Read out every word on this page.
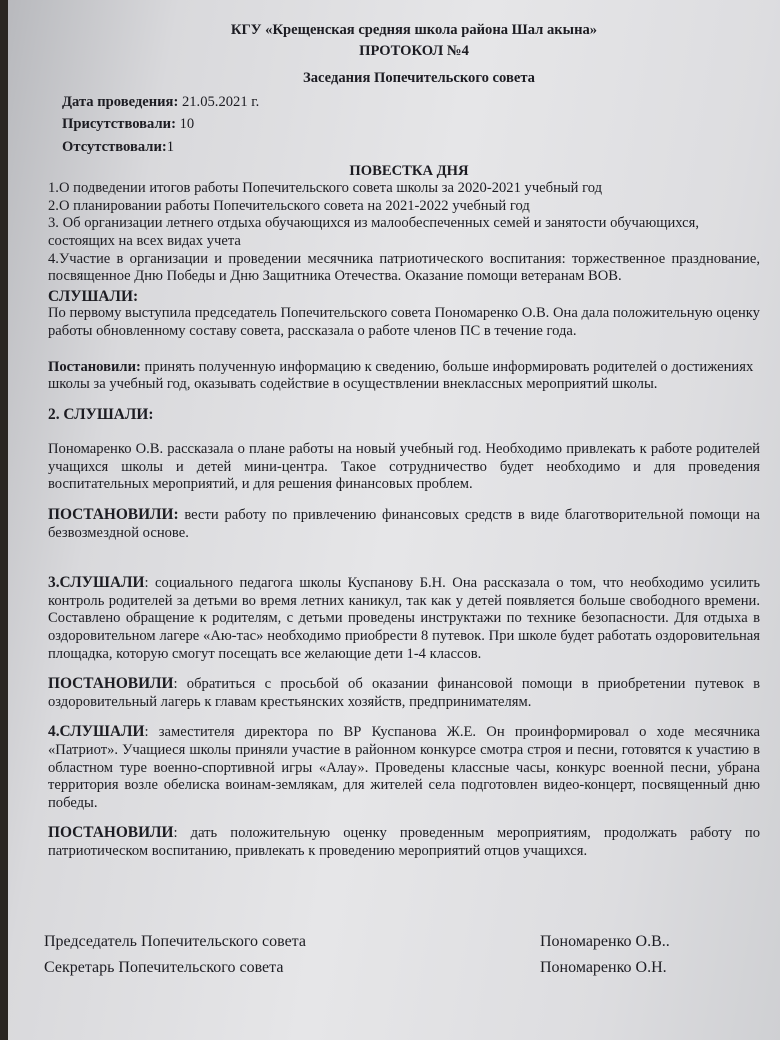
КГУ «Крещенская средняя школа района Шал акына»
ПРОТОКОЛ №4
Заседания Попечительского совета
Дата проведения: 21.05.2021 г.
Присутствовали: 10
Отсутствовали:1
ПОВЕСТКА ДНЯ

1.О подведении итогов работы Попечительского совета школы за 2020-2021 учебный год

2.О планировании работы Попечительского совета на 2021-2022 учебный год

3. Об организации летнего отдыха обучающихся из малообеспеченных семей и занятости обучающихся, состоящих на всех видах учета

4.Участие в организации и проведении месячника патриотического воспитания: торжественное празднование, посвященное Дню Победы и Дню Защитника Отечества. Оказание помощи ветеранам ВОВ.

СЛУШАЛИ:

По первому выступила председатель Попечительского совета Пономаренко О.В. Она дала положительную оценку работы обновленному составу совета, рассказала о работе членов ПС в течение года.

Постановили: принять полученную информацию к сведению, больше информировать родителей о достижениях школы за учебный год, оказывать содействие в осуществлении внеклассных мероприятий школы.

2. СЛУШАЛИ:

Пономаренко О.В. рассказала о плане работы на новый учебный год. Необходимо привлекать к работе родителей учащихся школы и детей мини-центра. Такое сотрудничество будет необходимо и для проведения воспитательных мероприятий, и для решения финансовых проблем.

ПОСТАНОВИЛИ: вести работу по привлечению финансовых средств в виде благотворительной помощи на безвозмездной основе.

3.СЛУШАЛИ: социального педагога школы Куспанову Б.Н. Она рассказала о том, что необходимо усилить контроль родителей за детьми во время летних каникул, так как у детей появляется больше свободного времени. Составлено обращение к родителям, с детьми проведены инструктажи по технике безопасности. Для отдыха в оздоровительном лагере «Аю-тас» необходимо приобрести 8 путевок. При школе будет работать оздоровительная площадка, которую смогут посещать все желающие дети 1-4 классов.

ПОСТАНОВИЛИ: обратиться с просьбой об оказании финансовой помощи в приобретении путевок в оздоровительный лагерь к главам крестьянских хозяйств, предпринимателям.

4.СЛУШАЛИ: заместителя директора по ВР Куспанова Ж.Е. Он проинформировал о ходе месячника «Патриот». Учащиеся школы приняли участие в районном конкурсе смотра строя и песни, готовятся к участию в областном туре военно-спортивной игры «Алау». Проведены классные часы, конкурс военной песни, убрана территория возле обелиска воинам-землякам, для жителей села подготовлен видео-концерт, посвященный дню победы.

ПОСТАНОВИЛИ: дать положительную оценку проведенным мероприятиям, продолжать работу по патриотическом воспитанию, привлекать к проведению мероприятий отцов учащихся.

Председатель Попечительского совета	Пономаренко О.В..
Секретарь Попечительского совета	Пономаренко О.Н.
